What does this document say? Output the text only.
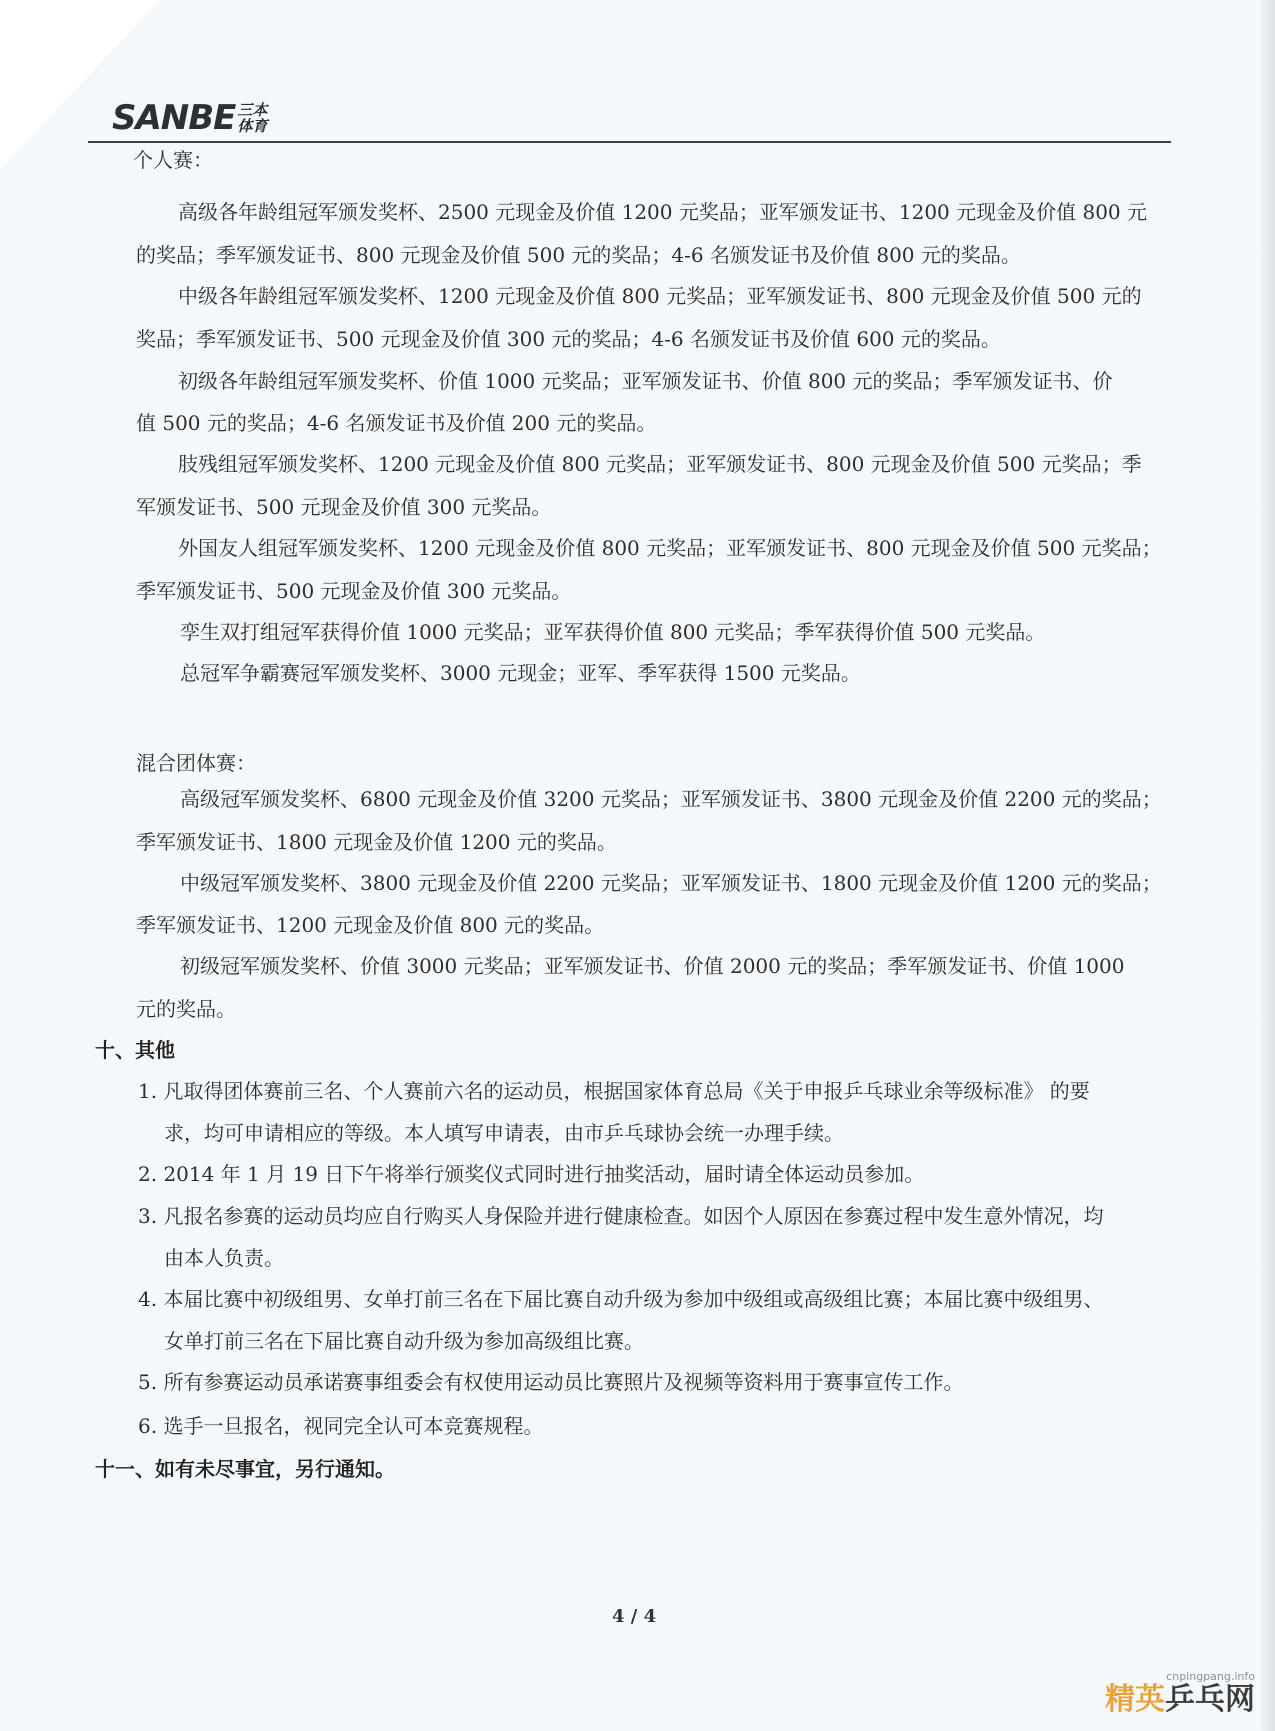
SANBE 三本
体育
个人赛：
高级各年龄组冠军颁发奖杯、2500 元现金及价值 1200 元奖品；亚军颁发证书、1200 元现金及价值 800 元
的奖品；季军颁发证书、800 元现金及价值 500 元的奖品；4-6 名颁发证书及价值 800 元的奖品。
中级各年龄组冠军颁发奖杯、1200 元现金及价值 800 元奖品；亚军颁发证书、800 元现金及价值 500 元的
奖品；季军颁发证书、500 元现金及价值 300 元的奖品；4-6 名颁发证书及价值 600 元的奖品。
初级各年龄组冠军颁发奖杯、价值 1000 元奖品；亚军颁发证书、价值 800 元的奖品；季军颁发证书、价
值 500 元的奖品；4-6 名颁发证书及价值 200 元的奖品。
肢残组冠军颁发奖杯、1200 元现金及价值 800 元奖品；亚军颁发证书、800 元现金及价值 500 元奖品；季
军颁发证书、500 元现金及价值 300 元奖品。
外国友人组冠军颁发奖杯、1200 元现金及价值 800 元奖品；亚军颁发证书、800 元现金及价值 500 元奖品；
季军颁发证书、500 元现金及价值 300 元奖品。
孪生双打组冠军获得价值 1000 元奖品；亚军获得价值 800 元奖品；季军获得价值 500 元奖品。
总冠军争霸赛冠军颁发奖杯、3000 元现金；亚军、季军获得 1500 元奖品。
混合团体赛：
高级冠军颁发奖杯、6800 元现金及价值 3200 元奖品；亚军颁发证书、3800 元现金及价值 2200 元的奖品；
季军颁发证书、1800 元现金及价值 1200 元的奖品。
中级冠军颁发奖杯、3800 元现金及价值 2200 元奖品；亚军颁发证书、1800 元现金及价值 1200 元的奖品；
季军颁发证书、1200 元现金及价值 800 元的奖品。
初级冠军颁发奖杯、价值 3000 元奖品；亚军颁发证书、价值 2000 元的奖品；季军颁发证书、价值 1000
元的奖品。
十、其他
1. 凡取得团体赛前三名、个人赛前六名的运动员，根据国家体育总局《关于申报乒乓球业余等级标准》 的要
求，均可申请相应的等级。本人填写申请表，由市乒乓球协会统一办理手续。
2. 2014 年 1 月 19 日下午将举行颁奖仪式同时进行抽奖活动，届时请全体运动员参加。
3. 凡报名参赛的运动员均应自行购买人身保险并进行健康检查。如因个人原因在参赛过程中发生意外情况，均
由本人负责。
4. 本届比赛中初级组男、女单打前三名在下届比赛自动升级为参加中级组或高级组比赛；本届比赛中级组男、
女单打前三名在下届比赛自动升级为参加高级组比赛。
5. 所有参赛运动员承诺赛事组委会有权使用运动员比赛照片及视频等资料用于赛事宣传工作。
6. 选手一旦报名，视同完全认可本竞赛规程。
十一、如有未尽事宜，另行通知。
4 / 4
cnpingpang.info
精英乒乓网
